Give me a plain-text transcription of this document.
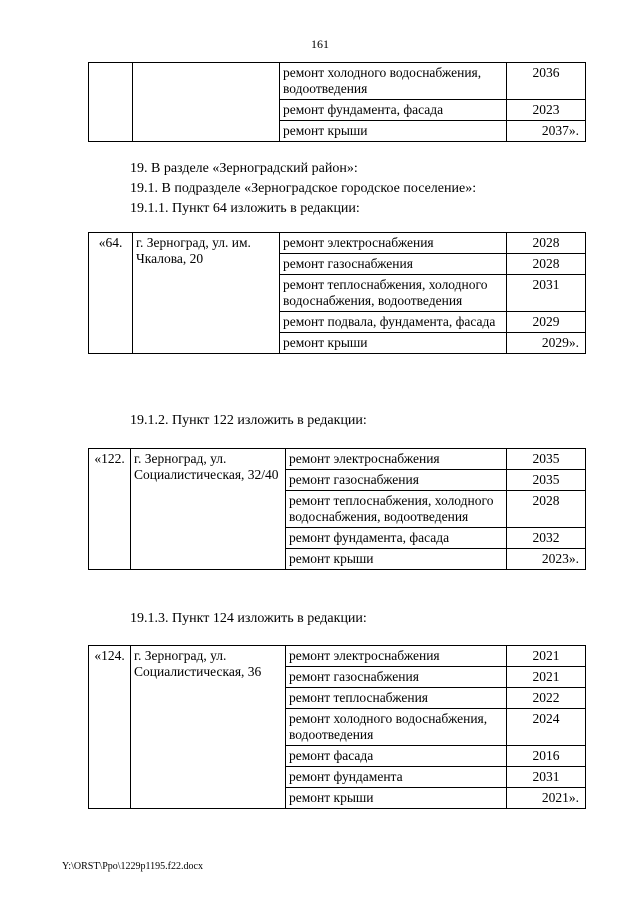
161
		ремонт холодного водоснабжения, водоотведения	2036
		ремонт фундамента, фасада	2023
		ремонт крыши	2037».
19. В разделе «Зерноградский район»:
19.1. В подразделе «Зерноградское городское поселение»:
19.1.1. Пункт 64 изложить в редакции:
«64.	г. Зерноград, ул. им. Чкалова, 20	ремонт электроснабжения	2028
		ремонт газоснабжения	2028
		ремонт теплоснабжения, холодного водоснабжения, водоотведения	2031
		ремонт подвала, фундамента, фасада	2029
		ремонт крыши	2029».
19.1.2. Пункт 122 изложить в редакции:
«122.	г. Зерноград, ул. Социалистическая, 32/40	ремонт электроснабжения	2035
		ремонт газоснабжения	2035
		ремонт теплоснабжения, холодного водоснабжения, водоотведения	2028
		ремонт фундамента, фасада	2032
		ремонт крыши	2023».
19.1.3. Пункт 124 изложить в редакции:
«124.	г. Зерноград, ул. Социалистическая, 36	ремонт электроснабжения	2021
		ремонт газоснабжения	2021
		ремонт теплоснабжения	2022
		ремонт холодного водоснабжения, водоотведения	2024
		ремонт фасада	2016
		ремонт фундамента	2031
		ремонт крыши	2021».
Y:\ORST\Ppo\1229p1195.f22.docx
